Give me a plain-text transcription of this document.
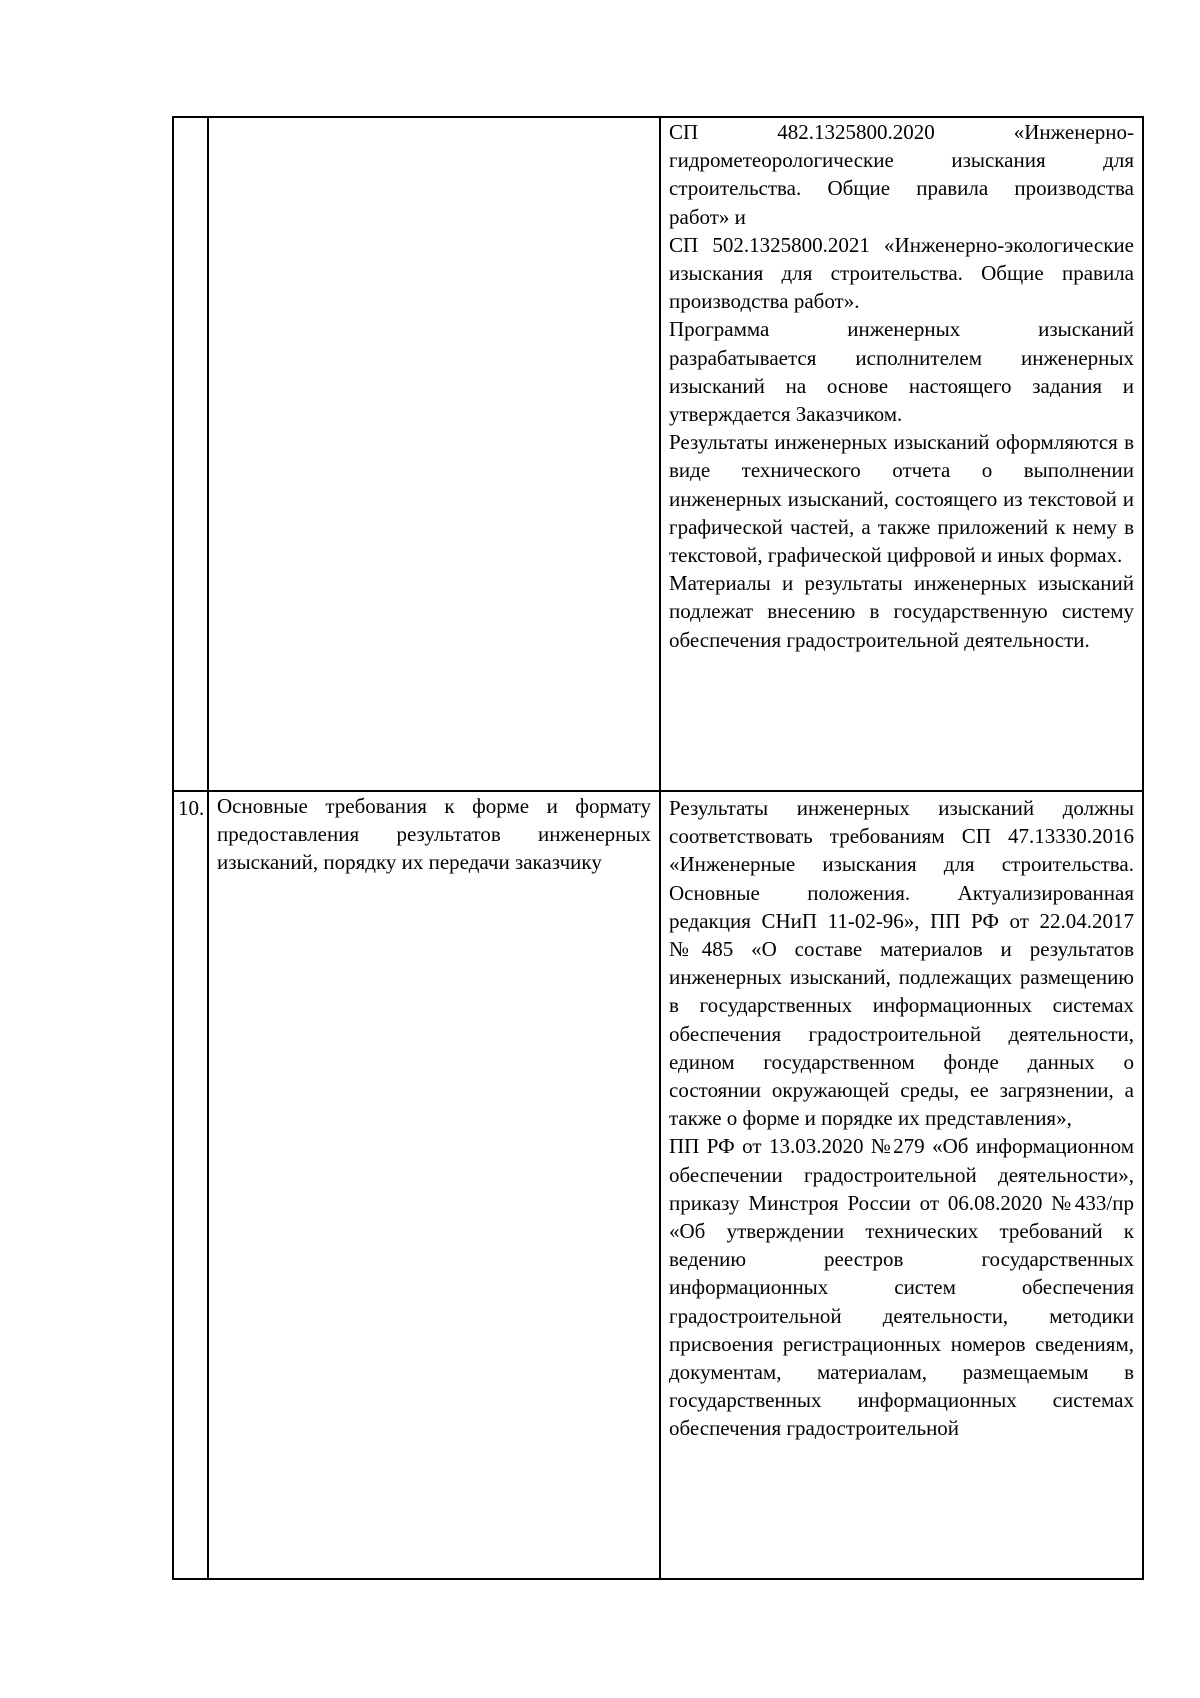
		СП 482.1325800.2020 «Инженерно-гидрометеорологические изыскания для строительства. Общие правила производства работ» и

СП 502.1325800.2021 «Инженерно-экологические изыскания для строительства. Общие правила производства работ».

Программа инженерных изысканий разрабатывается исполнителем инженерных изысканий на основе настоящего задания и утверждается Заказчиком.

Результаты инженерных изысканий оформляются в виде технического отчета о выполнении инженерных изысканий, состоящего из текстовой и графической частей, а также приложений к нему в текстовой, графической цифровой и иных формах.

Материалы и результаты инженерных изысканий подлежат внесению в государственную систему обеспечения градостроительной деятельности.

10.	Основные требования к форме и формату предоставления результатов инженерных изысканий, порядку их передачи заказчику	Результаты инженерных изысканий должны соответствовать требованиям СП 47.13330.2016 «Инженерные изыскания для строительства. Основные положения. Актуализированная редакция СНиП 11-02-96», ПП РФ от 22.04.2017 №485 «О составе материалов и результатов инженерных изысканий, подлежащих размещению в государственных информационных системах обеспечения градостроительной деятельности, едином государственном фонде данных о состоянии окружающей среды, ее загрязнении, а также о форме и порядке их представления»,

ПП РФ от 13.03.2020 №279 «Об информационном обеспечении градостроительной деятельности», приказу Минстроя России от 06.08.2020 №433/пр «Об утверждении технических требований к ведению реестров государственных информационных систем обеспечения градостроительной деятельности, методики присвоения регистрационных номеров сведениям, документам, материалам, размещаемым в государственных информационных системах обеспечения градостроительной
